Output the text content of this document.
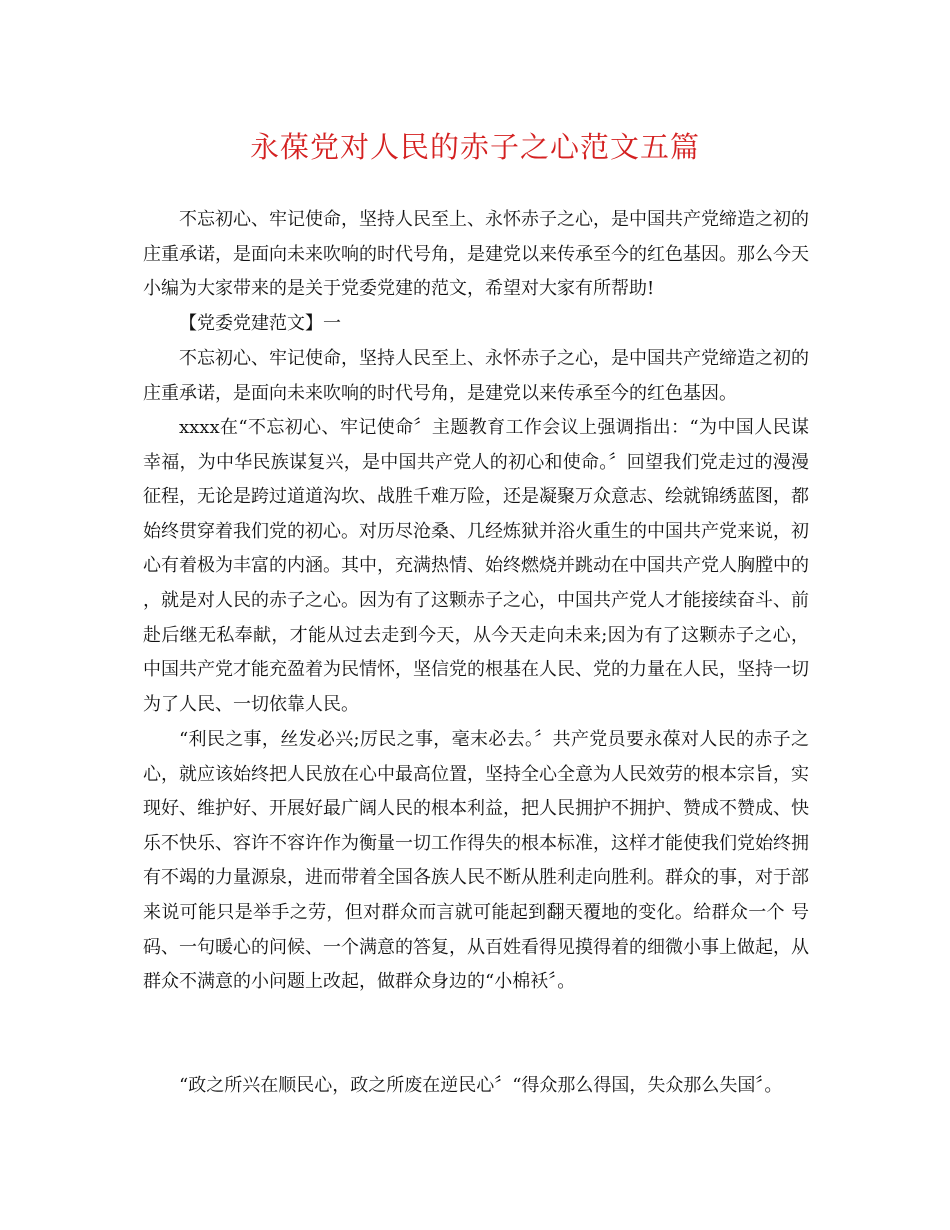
永葆党对人民的赤子之心范文五篇

不忘初心、牢记使命，坚持人民至上、永怀赤子之心，是中国共产党缔造之初的庄重承诺，是面向未来吹响的时代号角，是建党以来传承至今的红色基因。那么今天小编为大家带来的是关于党委党建的范文，希望对大家有所帮助!

【党委党建范文】一

不忘初心、牢记使命，坚持人民至上、永怀赤子之心，是中国共产党缔造之初的庄重承诺，是面向未来吹响的时代号角，是建党以来传承至今的红色基因。

xxxx在“不忘初心、牢记使命〞主题教育工作会议上强调指出：“为中国人民谋幸福，为中华民族谋复兴，是中国共产党人的初心和使命。〞回望我们党走过的漫漫征程，无论是跨过道道沟坎、战胜千难万险，还是凝聚万众意志、绘就锦绣蓝图，都始终贯穿着我们党的初心。对历尽沧桑、几经炼狱并浴火重生的中国共产党来说，初心有着极为丰富的内涵。其中，充满热情、始终燃烧并跳动在中国共产党人胸膛中的，就是对人民的赤子之心。因为有了这颗赤子之心，中国共产党人才能接续奋斗、前赴后继无私奉献，才能从过去走到今天，从今天走向未来;因为有了这颗赤子之心，中国共产党才能充盈着为民情怀，坚信党的根基在人民、党的力量在人民，坚持一切为了人民、一切依靠人民。

“利民之事，丝发必兴;厉民之事，毫末必去。〞共产党员要永葆对人民的赤子之心，就应该始终把人民放在心中最高位置，坚持全心全意为人民效劳的根本宗旨，实现好、维护好、开展好最广阔人民的根本利益，把人民拥护不拥护、赞成不赞成、快乐不快乐、容许不容许作为衡量一切工作得失的根本标准，这样才能使我们党始终拥有不竭的力量源泉，进而带着全国各族人民不断从胜利走向胜利。群众的事，对于部来说可能只是举手之劳，但对群众而言就可能起到翻天覆地的变化。给群众一个 号码、一句暖心的问候、一个满意的答复，从百姓看得见摸得着的细微小事上做起，从群众不满意的小问题上改起，做群众身边的“小棉袄〞。

“政之所兴在顺民心，政之所废在逆民心〞“得众那么得国，失众那么失国〞。
